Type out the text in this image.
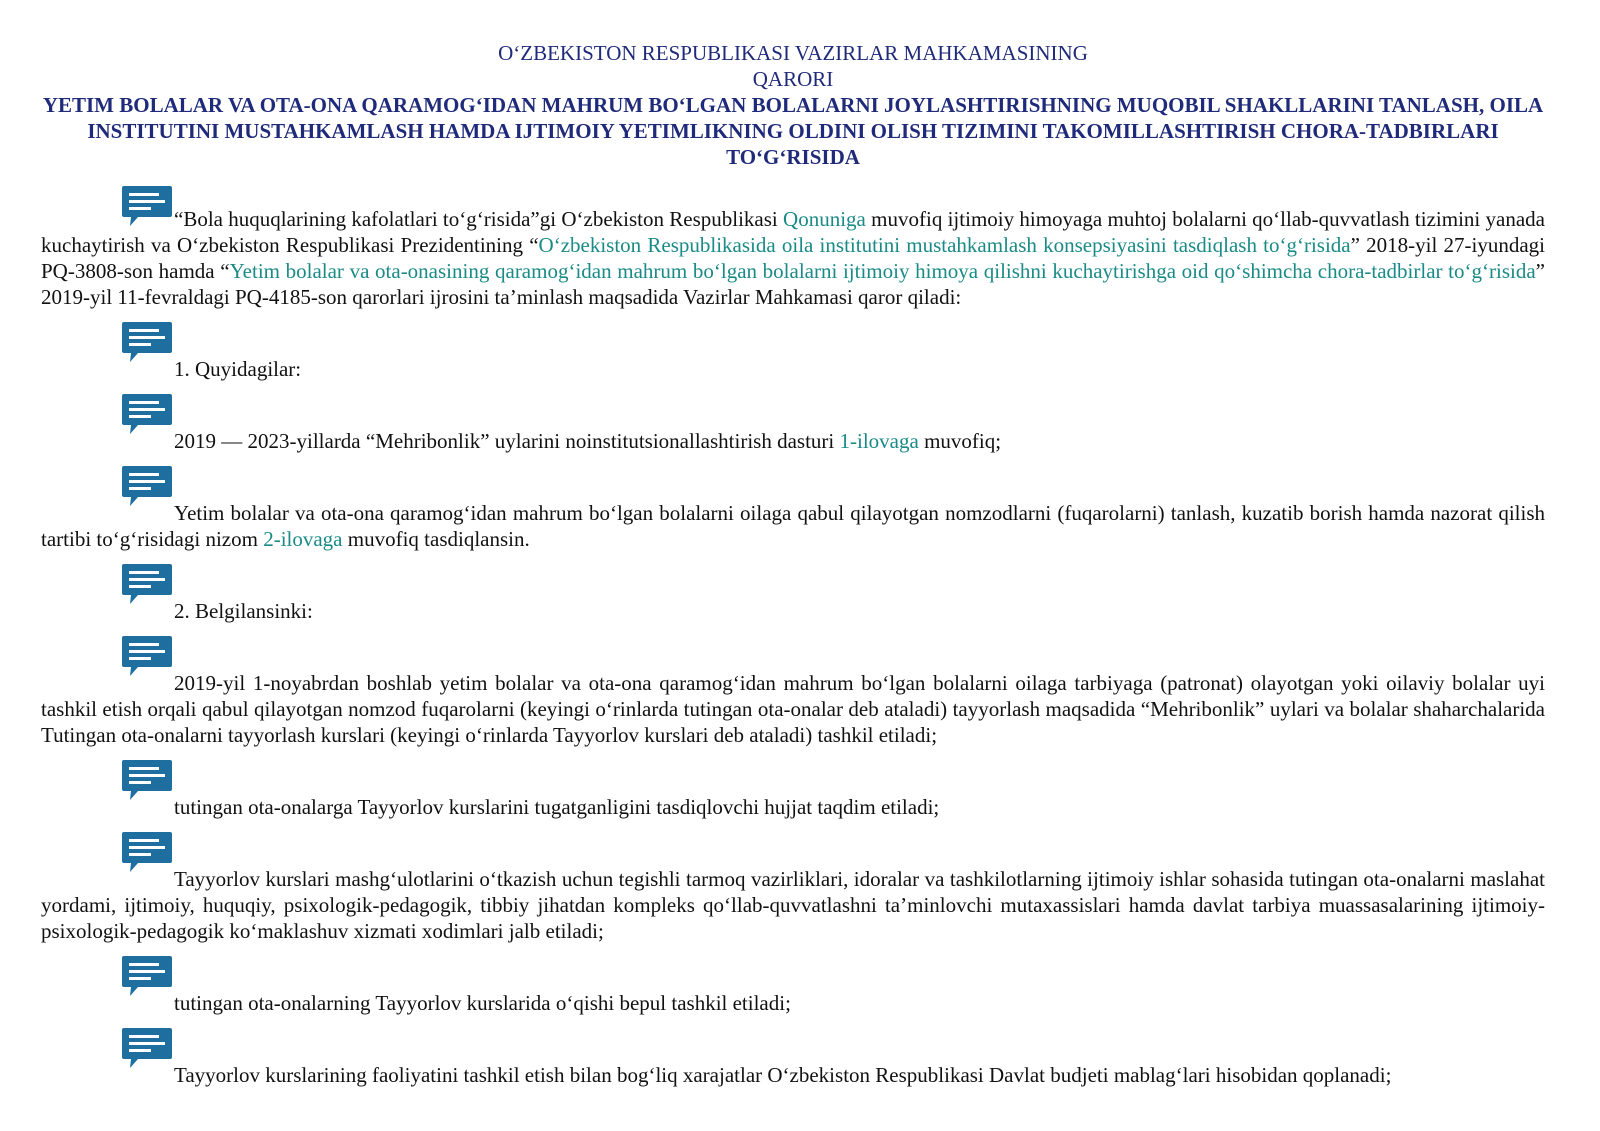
O‘ZBEKISTON RESPUBLIKASI VAZIRLAR MAHKAMASINING

QARORI

YETIM BOLALAR VA OTA-ONA QARAMOG‘IDAN MAHRUM BO‘LGAN BOLALARNI JOYLASHTIRISHNING MUQOBIL SHAKLLARINI TANLASH, OILA INSTITUTINI MUSTAHKAMLASH HAMDA IJTIMOIY YETIMLIKNING OLDINI OLISH TIZIMINI TAKOMILLASHTIRISH CHORA-TADBIRLARI TO‘G‘RISIDA

“Bola huquqlarining kafolatlari to‘g‘risida”gi O‘zbekiston Respublikasi Qonuniga muvofiq ijtimoiy himoyaga muhtoj bolalarni qo‘llab-quvvatlash tizimini yanada kuchaytirish va O‘zbekiston Respublikasi Prezidentining “O‘zbekiston Respublikasida oila institutini mustahkamlash konsepsiyasini tasdiqlash to‘g‘risida” 2018-yil 27-iyundagi PQ-3808-son hamda “Yetim bolalar va ota-onasining qaramog‘idan mahrum bo‘lgan bolalarni ijtimoiy himoya qilishni kuchaytirishga oid qo‘shimcha chora-tadbirlar to‘g‘risida” 2019-yil 11-fevraldagi PQ-4185-son qarorlari ijrosini ta’minlash maqsadida Vazirlar Mahkamasi qaror qiladi:

1. Quyidagilar:

2019 — 2023-yillarda “Mehribonlik” uylarini noinstitutsionallashtirish dasturi 1-ilovaga muvofiq;

Yetim bolalar va ota-ona qaramog‘idan mahrum bo‘lgan bolalarni oilaga qabul qilayotgan nomzodlarni (fuqarolarni) tanlash, kuzatib borish hamda nazorat qilish tartibi to‘g‘risidagi nizom 2-ilovaga muvofiq tasdiqlansin.

2. Belgilansinki:

2019-yil 1-noyabrdan boshlab yetim bolalar va ota-ona qaramog‘idan mahrum bo‘lgan bolalarni oilaga tarbiyaga (patronat) olayotgan yoki oilaviy bolalar uyi tashkil etish orqali qabul qilayotgan nomzod fuqarolarni (keyingi o‘rinlarda tutingan ota-onalar deb ataladi) tayyorlash maqsadida “Mehribonlik” uylari va bolalar shaharchalarida Tutingan ota-onalarni tayyorlash kurslari (keyingi o‘rinlarda Tayyorlov kurslari deb ataladi) tashkil etiladi;

tutingan ota-onalarga Tayyorlov kurslarini tugatganligini tasdiqlovchi hujjat taqdim etiladi;

Tayyorlov kurslari mashg‘ulotlarini o‘tkazish uchun tegishli tarmoq vazirliklari, idoralar va tashkilotlarning ijtimoiy ishlar sohasida tutingan ota-onalarni maslahat yordami, ijtimoiy, huquqiy, psixologik-pedagogik, tibbiy jihatdan kompleks qo‘llab-quvvatlashni ta’minlovchi mutaxassislari hamda davlat tarbiya muassasalarining ijtimoiy-psixologik-pedagogik ko‘maklashuv xizmati xodimlari jalb etiladi;

tutingan ota-onalarning Tayyorlov kurslarida o‘qishi bepul tashkil etiladi;

Tayyorlov kurslarining faoliyatini tashkil etish bilan bog‘liq xarajatlar O‘zbekiston Respublikasi Davlat budjeti mablag‘lari hisobidan qoplanadi;
